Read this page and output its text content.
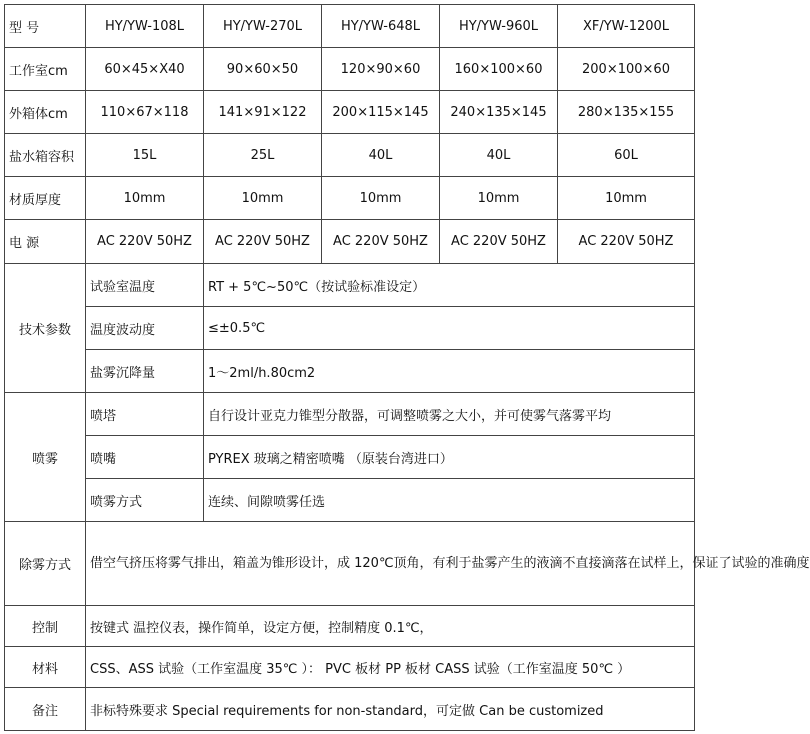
型 号	HY/YW-108L	HY/YW-270L	HY/YW-648L	HY/YW-960L	XF/YW-1200L
工作室cm	60×45×X40	90×60×50	120×90×60	160×100×60	200×100×60
外箱体cm	110×67×118	141×91×122	200×115×145	240×135×145	280×135×155
盐水箱容积	15L	25L	40L	40L	60L
材质厚度	10mm	10mm	10mm	10mm	10mm
电 源	AC 220V 50HZ	AC 220V 50HZ	AC 220V 50HZ	AC 220V 50HZ	AC 220V 50HZ
技术参数	试验室温度	RT + 5℃~50℃（按试验标准设定）			
	温度波动度	≤±0.5℃			
	盐雾沉降量	1～2ml/h.80cm2			
喷雾	喷塔	自行设计亚克力锥型分散器，可调整喷雾之大小，并可使雾气落雾平均			
	喷嘴	PYREX 玻璃之精密喷嘴 （原装台湾进口）			
	喷雾方式	连续、间隙喷雾任选			
除雾方式	借空气挤压将雾气排出，箱盖为锥形设计，成 120℃顶角，有利于盐雾产生的液滴不直接滴落在试样上，保证了试验的准确度				
控制	按键式 温控仪表，操作简单，设定方便，控制精度 0.1℃，				
材料	CSS、ASS 试验（工作室温度 35℃ ）： PVC 板材 PP 板材 CASS 试验（工作室温度 50℃ ）				
备注	非标特殊要求 Special requirements for non-standard，可定做 Can be customized				
